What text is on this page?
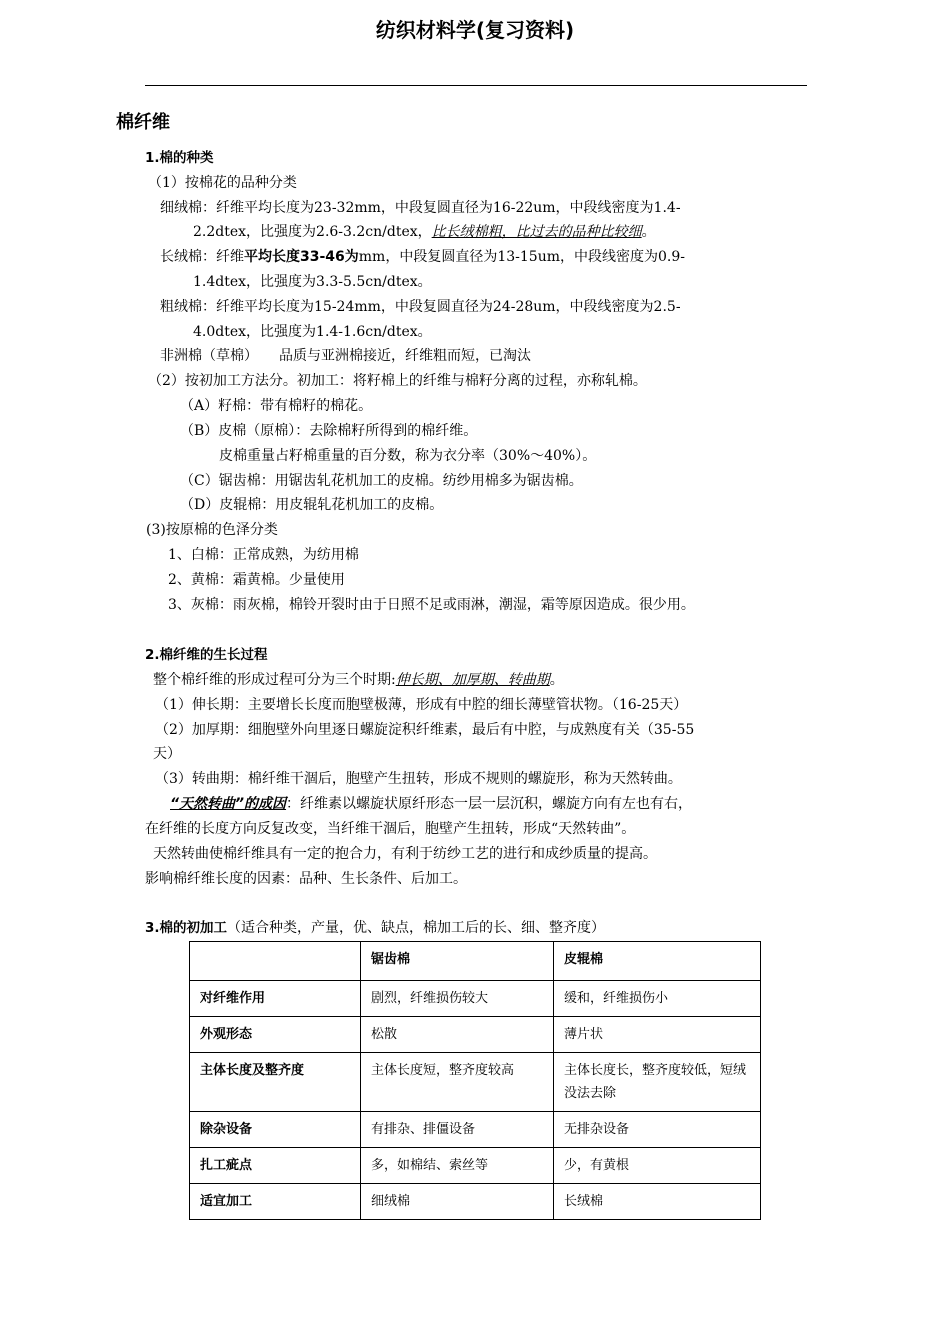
纺织材料学(复习资料)
棉纤维
1.棉的种类
（1）按棉花的品种分类
细绒棉：纤维平均长度为23-32mm，中段复圆直径为16-22um，中段线密度为1.4-
2.2dtex，比强度为2.6-3.2cn/dtex，比长绒棉粗，比过去的品种比较细。
长绒棉：纤维平均长度33-46为mm，中段复圆直径为13-15um，中段线密度为0.9-
1.4dtex，比强度为3.3-5.5cn/dtex。
粗绒棉：纤维平均长度为15-24mm，中段复圆直径为24-28um，中段线密度为2.5-
4.0dtex，比强度为1.4-1.6cn/dtex。
非洲棉（草棉）　　品质与亚洲棉接近，纤维粗而短，已淘汰
（2）按初加工方法分。初加工：将籽棉上的纤维与棉籽分离的过程，亦称轧棉。
（A）籽棉：带有棉籽的棉花。
（B）皮棉（原棉）：去除棉籽所得到的棉纤维。
皮棉重量占籽棉重量的百分数，称为衣分率（30%～40%）。
（C）锯齿棉：用锯齿轧花机加工的皮棉。纺纱用棉多为锯齿棉。
（D）皮辊棉：用皮辊轧花机加工的皮棉。
(3)按原棉的色泽分类
1、白棉：正常成熟，为纺用棉
2、黄棉：霜黄棉。少量使用
3、灰棉：雨灰棉，棉铃开裂时由于日照不足或雨淋，潮湿，霜等原因造成。很少用。
2.棉纤维的生长过程
整个棉纤维的形成过程可分为三个时期:伸长期、加厚期、转曲期。
（1）伸长期：主要增长长度而胞壁极薄，形成有中腔的细长薄壁管状物。（16-25天）
（2）加厚期：细胞壁外向里逐日螺旋淀积纤维素，最后有中腔，与成熟度有关（35-55
天）
（3）转曲期：棉纤维干涸后，胞壁产生扭转，形成不规则的螺旋形，称为天然转曲。
“天然转曲”的成因：纤维素以螺旋状原纤形态一层一层沉积，螺旋方向有左也有右，
在纤维的长度方向反复改变，当纤维干涸后，胞壁产生扭转，形成“天然转曲”。
天然转曲使棉纤维具有一定的抱合力，有利于纺纱工艺的进行和成纱质量的提高。
影响棉纤维长度的因素：品种、生长条件、后加工。
3.棉的初加工（适合种类，产量，优、缺点，棉加工后的长、细、整齐度）
	锯齿棉	皮辊棉
对纤维作用	剧烈，纤维损伤较大	缓和，纤维损伤小
外观形态	松散	薄片状
主体长度及整齐度	主体长度短，整齐度较高	主体长度长，整齐度较低，短绒没法去除
除杂设备	有排杂、排僵设备	无排杂设备
扎工疵点	多，如棉结、索丝等	少，有黄根
适宜加工	细绒棉	长绒棉
